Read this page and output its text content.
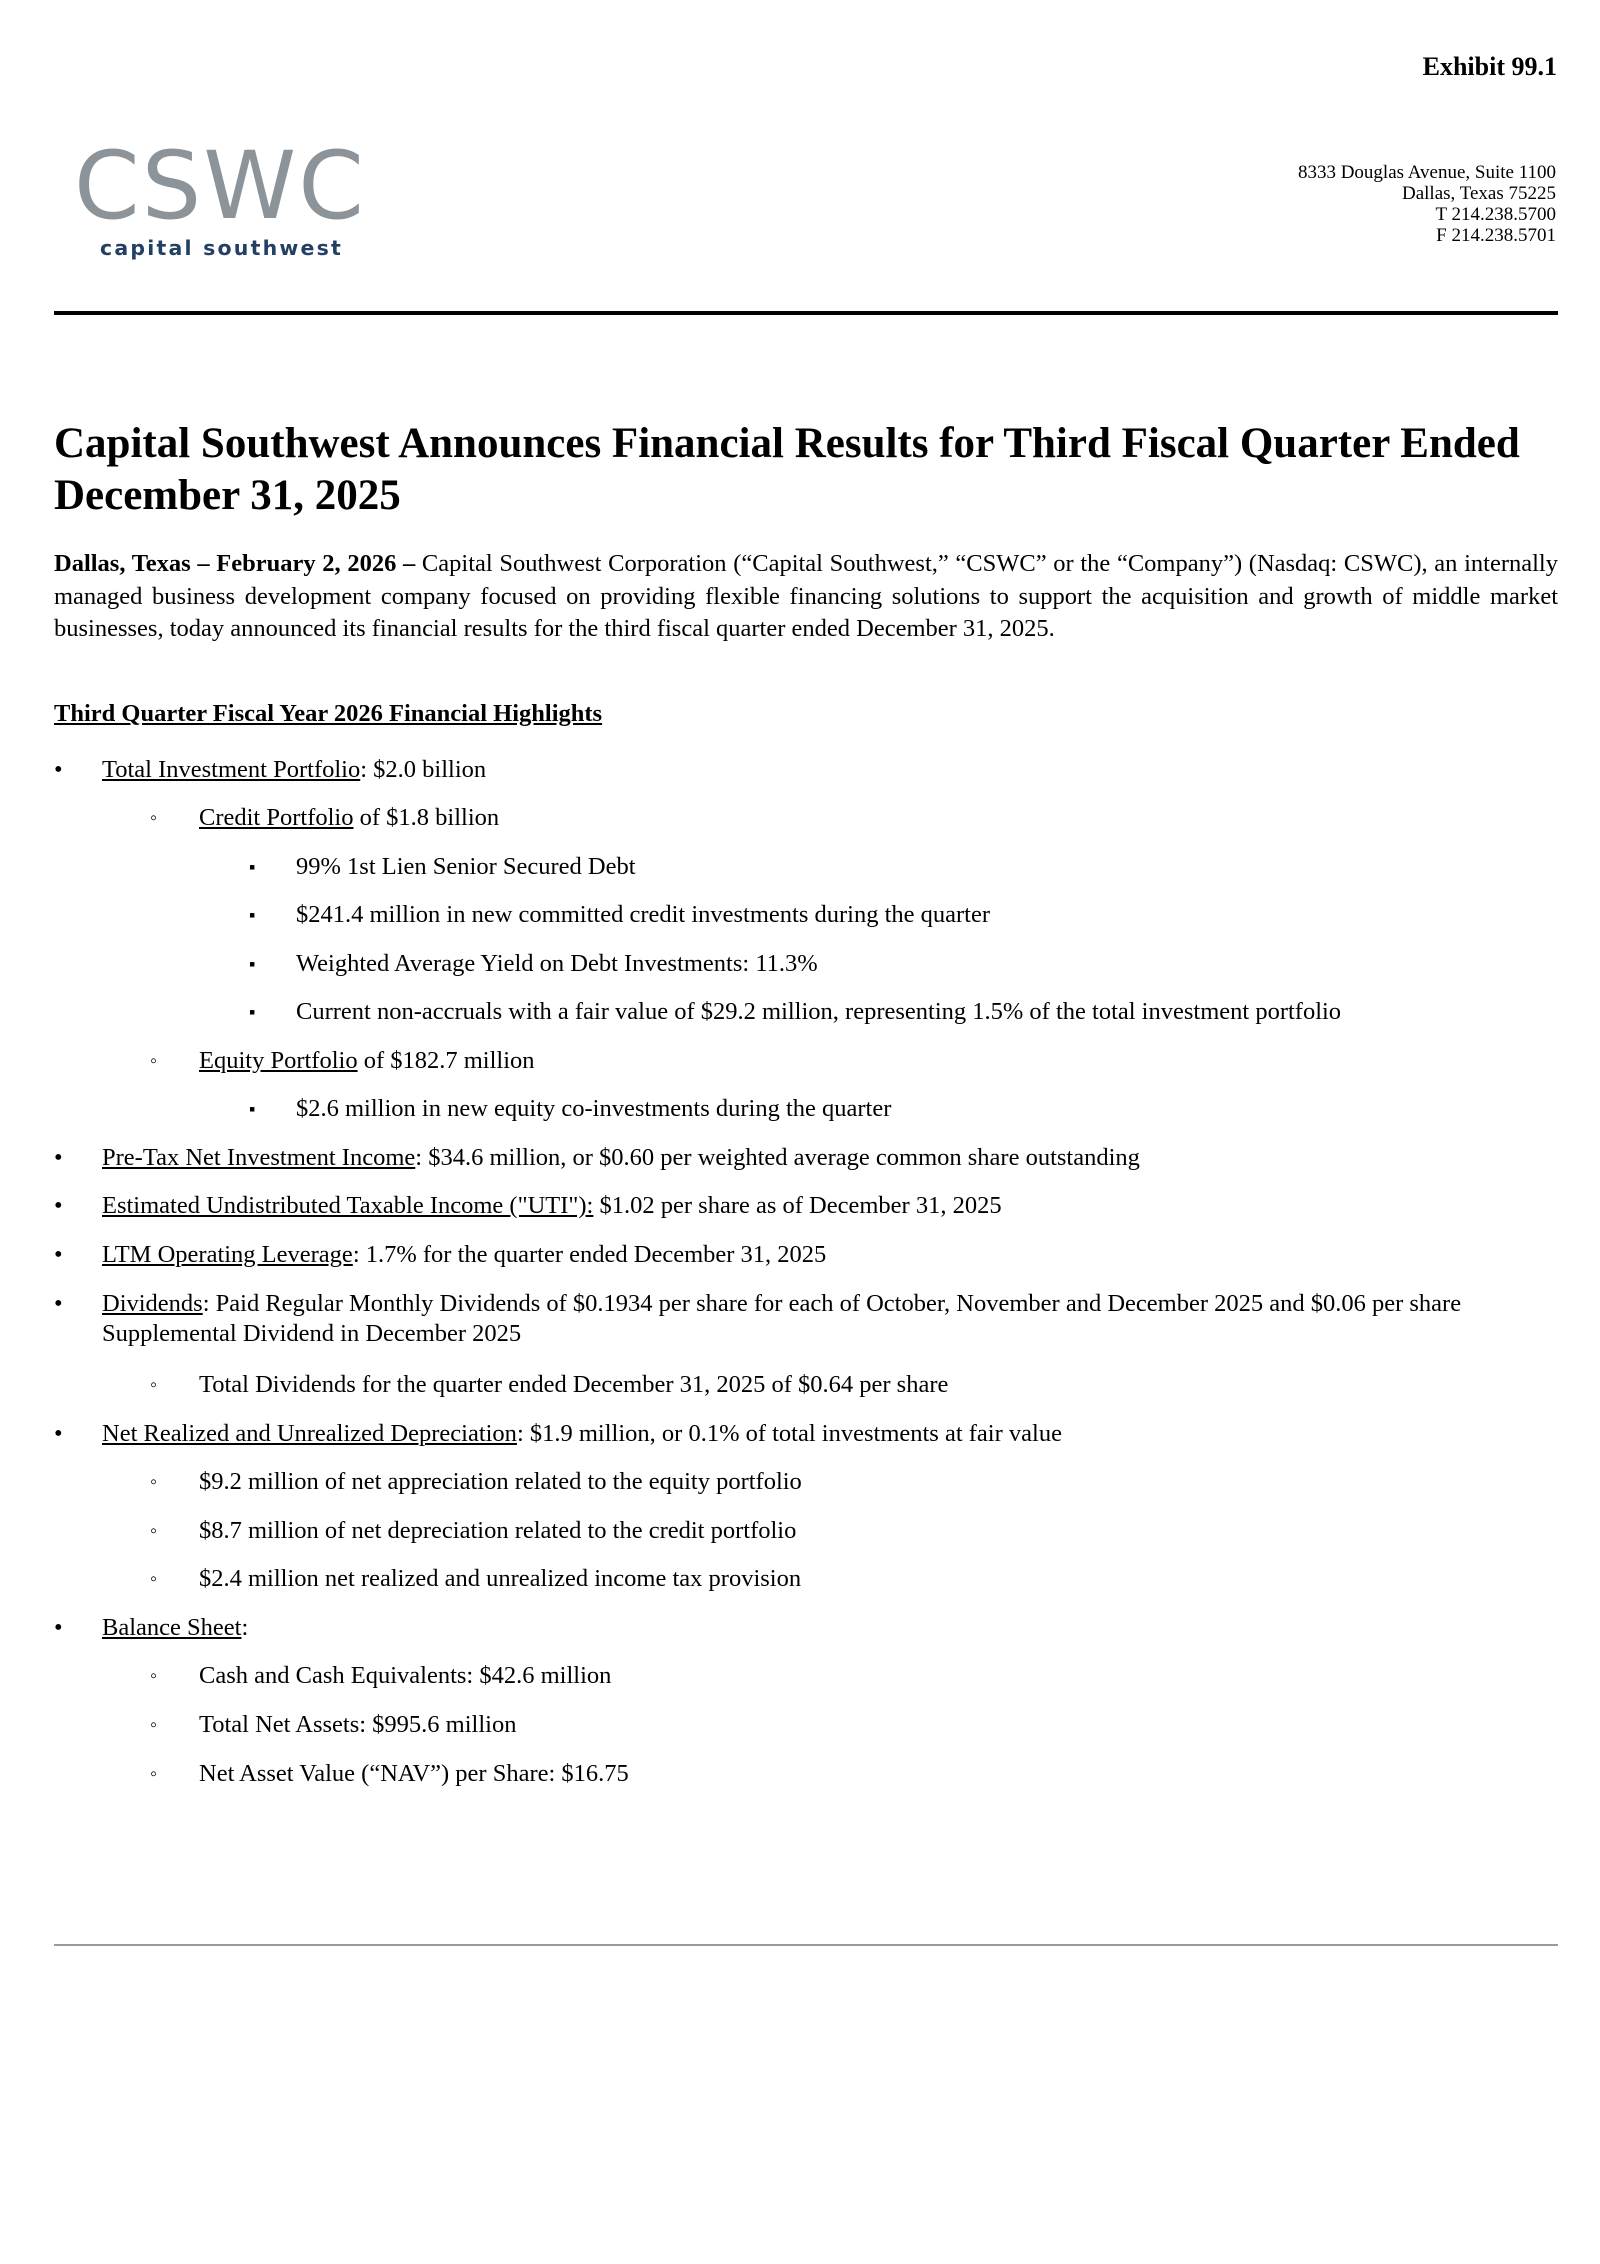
Exhibit 99.1

CSWC
capital southwest
8333 Douglas Avenue, Suite 1100
Dallas, Texas 75225
T 214.238.5700
F 214.238.5701
Capital Southwest Announces Financial Results for Third Fiscal Quarter Ended December 31, 2025

Dallas, Texas – February 2, 2026 – Capital Southwest Corporation (“Capital Southwest,” “CSWC” or the “Company”) (Nasdaq: CSWC), an internally managed business development company focused on providing flexible financing solutions to support the acquisition and growth of middle market businesses, today announced its financial results for the third fiscal quarter ended December 31, 2025.

Third Quarter Fiscal Year 2026 Financial Highlights

• Total Investment Portfolio: $2.0 billion
◦ Credit Portfolio of $1.8 billion
▪ 99% 1st Lien Senior Secured Debt
▪ $241.4 million in new committed credit investments during the quarter
▪ Weighted Average Yield on Debt Investments: 11.3%
▪ Current non-accruals with a fair value of $29.2 million, representing 1.5% of the total investment portfolio
◦ Equity Portfolio of $182.7 million
▪ $2.6 million in new equity co-investments during the quarter
• Pre-Tax Net Investment Income: $34.6 million, or $0.60 per weighted average common share outstanding
• Estimated Undistributed Taxable Income ("UTI"): $1.02 per share as of December 31, 2025
• LTM Operating Leverage: 1.7% for the quarter ended December 31, 2025
• Dividends: Paid Regular Monthly Dividends of $0.1934 per share for each of October, November and December 2025 and $0.06 per share Supplemental Dividend in December 2025
◦ Total Dividends for the quarter ended December 31, 2025 of $0.64 per share
• Net Realized and Unrealized Depreciation: $1.9 million, or 0.1% of total investments at fair value
◦ $9.2 million of net appreciation related to the equity portfolio
◦ $8.7 million of net depreciation related to the credit portfolio
◦ $2.4 million net realized and unrealized income tax provision
• Balance Sheet:
◦ Cash and Cash Equivalents: $42.6 million
◦ Total Net Assets: $995.6 million
◦ Net Asset Value (“NAV”) per Share: $16.75
